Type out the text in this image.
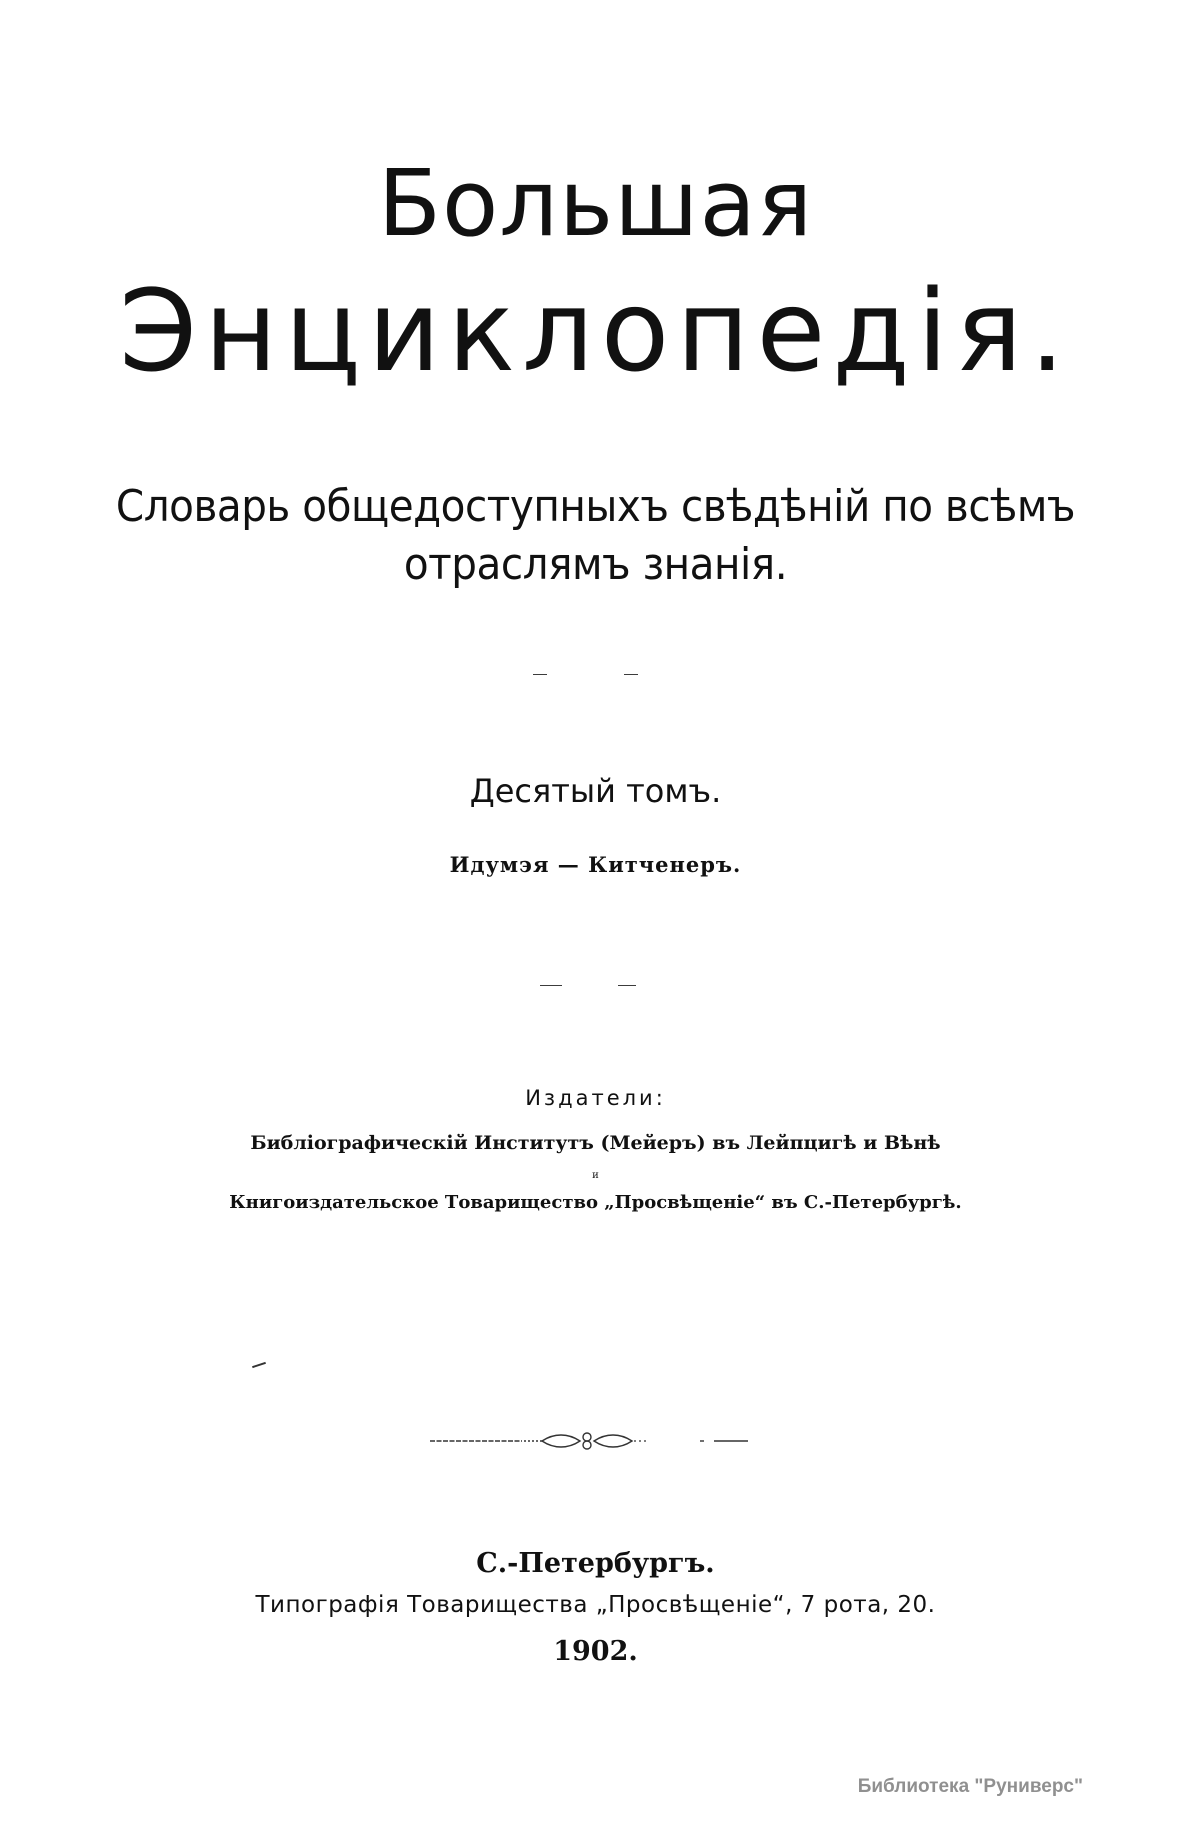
Большая
Энциклопедія.
Словарь общедоступныхъ свѣдѣній по всѣмъ
отраслямъ знанія.
Десятый томъ.
Идумэя — Китченеръ.
Издатели:
Библіографическій Институтъ (Мейеръ) въ Лейпцигѣ и Вѣнѣ
и
Книгоиздательское Товарищество „Просвѣщеніе“ въ С.-Петербургѣ.
С.-Петербургъ.
Типографія Товарищества „Просвѣщеніе“, 7 рота, 20.
1902.
Библиотека "Руниверс"
